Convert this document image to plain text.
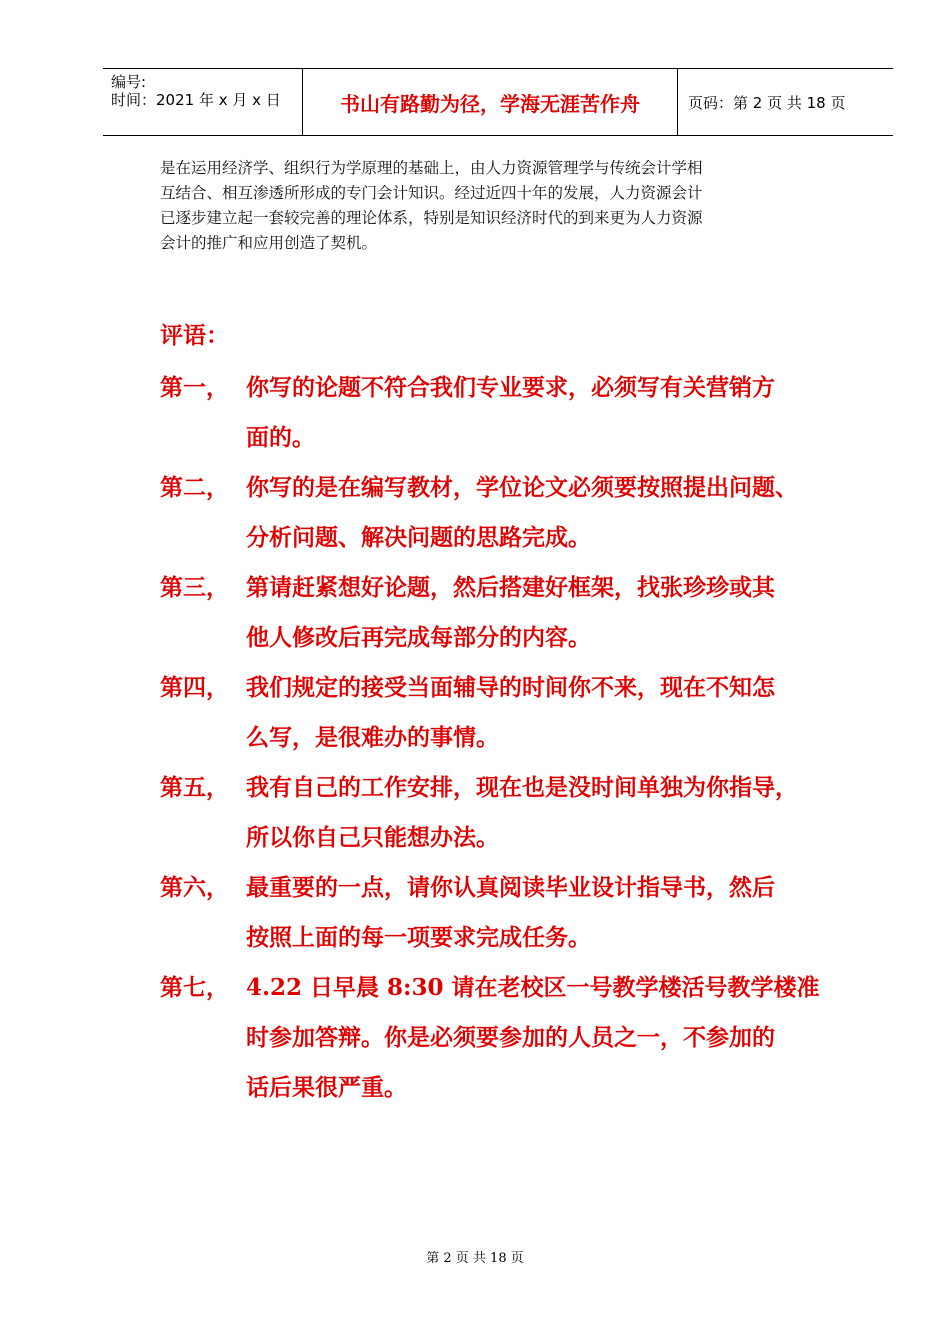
编号:
时间：2021 年 x 月 x 日	书山有路勤为径，学海无涯苦作舟	页码：第 2 页 共 18 页

是在运用经济学、组织行为学原理的基础上，由人力资源管理学与传统会计学相

互结合、相互渗透所形成的专门会计知识。经过近四十年的发展，人力资源会计

已逐步建立起一套较完善的理论体系，特别是知识经济时代的到来更为人力资源

会计的推广和应用创造了契机。

评语：
第一， 你写的论题不符合我们专业要求，必须写有关营销方
面的。
第二， 你写的是在编写教材，学位论文必须要按照提出问题、
分析问题、解决问题的思路完成。
第三， 第请赶紧想好论题，然后搭建好框架，找张珍珍或其
他人修改后再完成每部分的内容。
第四， 我们规定的接受当面辅导的时间你不来，现在不知怎
么写，是很难办的事情。
第五， 我有自己的工作安排，现在也是没时间单独为你指导，
所以你自己只能想办法。
第六， 最重要的一点，请你认真阅读毕业设计指导书，然后
按照上面的每一项要求完成任务。
第七， 4.22 日早晨 8:30 请在老校区一号教学楼活号教学楼准
时参加答辩。你是必须要参加的人员之一，不参加的
话后果很严重。
第 2 页 共 18 页
